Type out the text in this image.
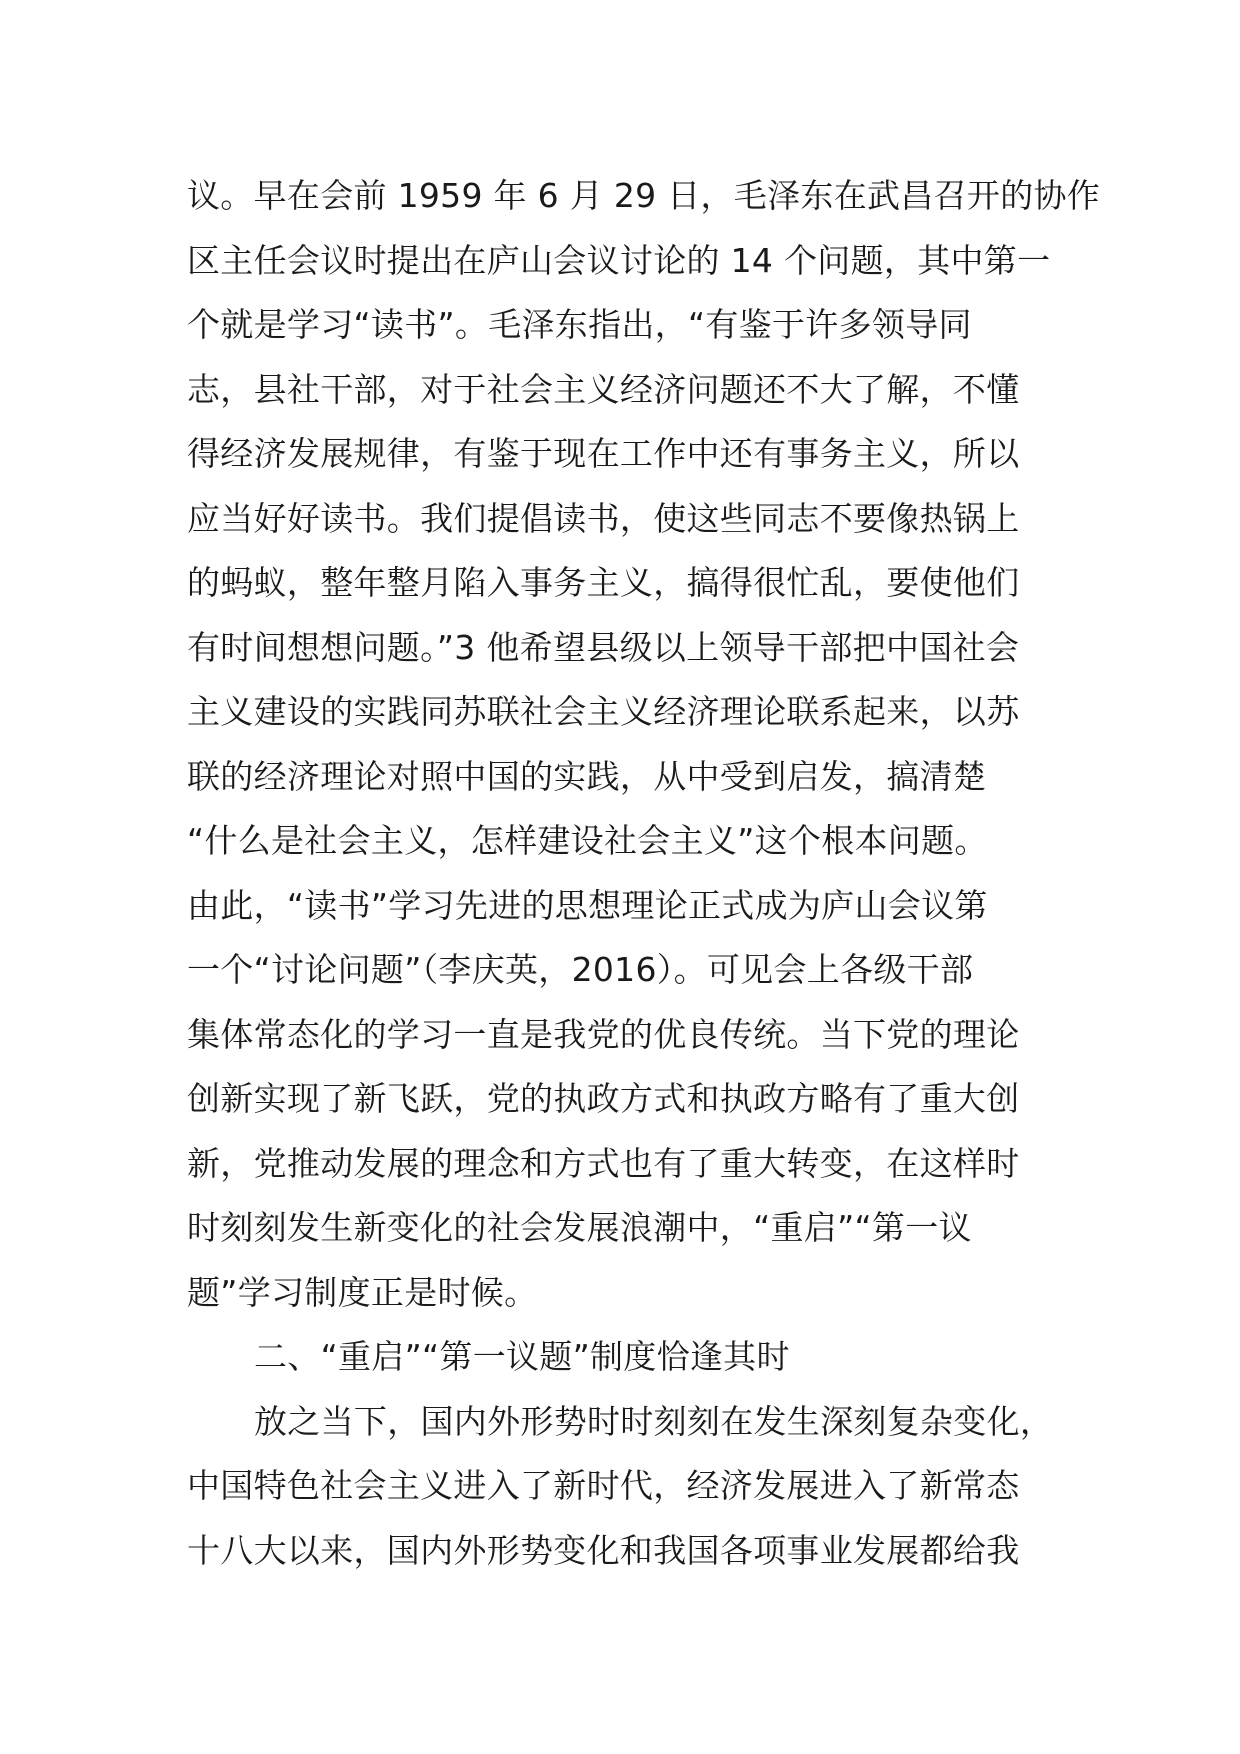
议。早在会前 1959 年 6 月 29 日，毛泽东在武昌召开的协作
区主任会议时提出在庐山会议讨论的 14 个问题，其中第一
个就是学习“读书”。毛泽东指出，“有鉴于许多领导同
志，县社干部，对于社会主义经济问题还不大了解，不懂
得经济发展规律，有鉴于现在工作中还有事务主义，所以
应当好好读书。我们提倡读书，使这些同志不要像热锅上
的蚂蚁，整年整月陷入事务主义，搞得很忙乱，要使他们
有时间想想问题。”3 他希望县级以上领导干部把中国社会
主义建设的实践同苏联社会主义经济理论联系起来，以苏
联的经济理论对照中国的实践，从中受到启发，搞清楚
“什么是社会主义，怎样建设社会主义”这个根本问题。
由此，“读书”学习先进的思想理论正式成为庐山会议第
一个“讨论问题”（李庆英，2016）。可见会上各级干部
集体常态化的学习一直是我党的优良传统。当下党的理论
创新实现了新飞跃，党的执政方式和执政方略有了重大创
新，党推动发展的理念和方式也有了重大转变，在这样时
时刻刻发生新变化的社会发展浪潮中，“重启”“第一议
题”学习制度正是时候。
二、“重启”“第一议题”制度恰逢其时
放之当下，国内外形势时时刻刻在发生深刻复杂变化，
中国特色社会主义进入了新时代，经济发展进入了新常态
十八大以来，国内外形势变化和我国各项事业发展都给我
